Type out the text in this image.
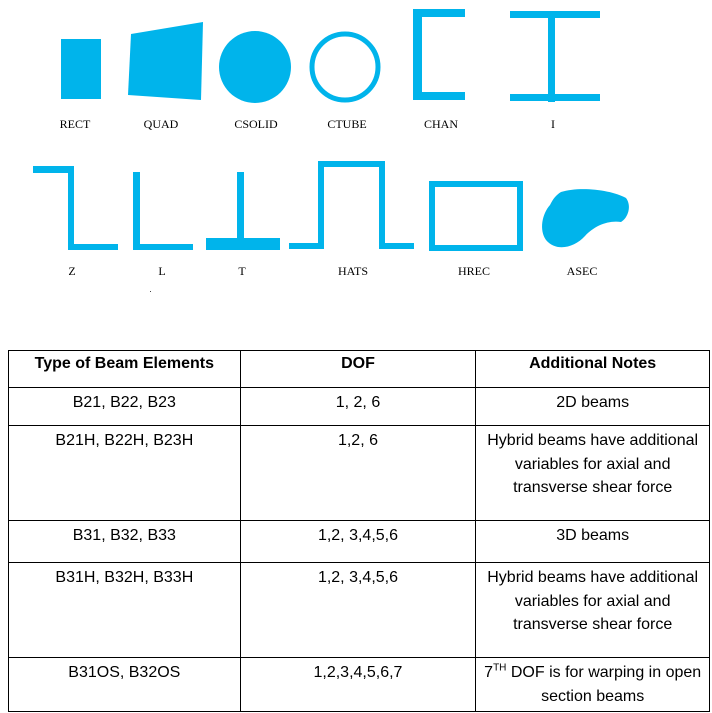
RECT	QUAD	CSOLID	CTUBE	CHAN	I
Z	L	T	HATS	HREC	ASEC
Type of Beam Elements	DOF	Additional Notes
B21, B22, B23	1, 2, 6	2D beams
B21H, B22H, B23H	1,2, 6	Hybrid beams have additional variables for axial and transverse shear force
B31, B32, B33	1,2, 3,4,5,6	3D beams
B31H, B32H, B33H	1,2, 3,4,5,6	Hybrid beams have additional variables for axial and transverse shear force
B31OS, B32OS	1,2,3,4,5,6,7	7TH DOF is for warping in open section beams
